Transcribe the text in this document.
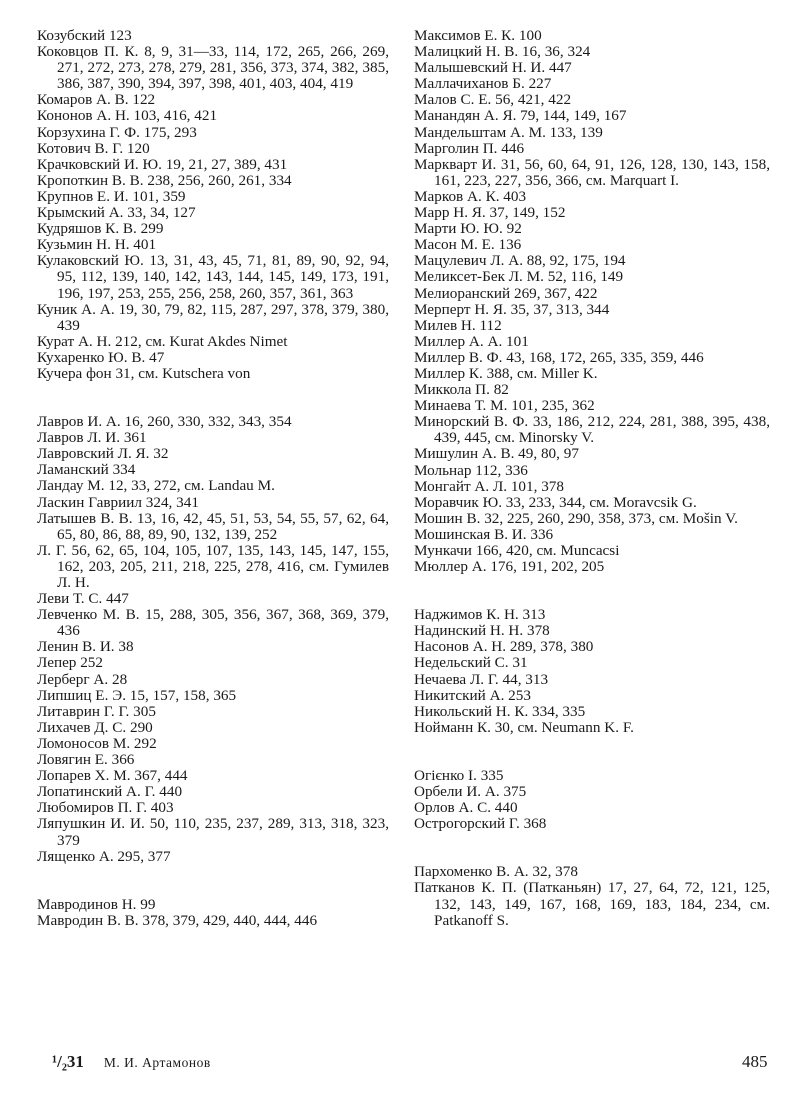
Козубский 123
Коковцов П. К. 8, 9, 31—33, 114, 172, 265, 266, 269, 271, 272, 273, 278, 279, 281, 356, 373, 374, 382, 385, 386, 387, 390, 394, 397, 398, 401, 403, 404, 419
Комаров А. В. 122
Кононов А. Н. 103, 416, 421
Корзухина Г. Ф. 175, 293
Котович В. Г. 120
Крачковский И. Ю. 19, 21, 27, 389, 431
Кропоткин В. В. 238, 256, 260, 261, 334
Крупнов Е. И. 101, 359
Крымский А. 33, 34, 127
Кудряшов К. В. 299
Кузьмин Н. Н. 401
Кулаковский Ю. 13, 31, 43, 45, 71, 81, 89, 90, 92, 94, 95, 112, 139, 140, 142, 143, 144, 145, 149, 173, 191, 196, 197, 253, 255, 256, 258, 260, 357, 361, 363
Куник А. А. 19, 30, 79, 82, 115, 287, 297, 378, 379, 380, 439
Курат А. Н. 212, см. Kurat Akdes Nimet
Кухаренко Ю. В. 47
Кучера фон 31, см. Kutschera von
Лавров И. А. 16, 260, 330, 332, 343, 354
Лавров Л. И. 361
Лавровский Л. Я. 32
Ламанский 334
Ландау М. 12, 33, 272, см. Landau M.
Ласкин Гавриил 324, 341
Латышев В. В. 13, 16, 42, 45, 51, 53, 54, 55, 57, 62, 64, 65, 80, 86, 88, 89, 90, 132, 139, 252
Л. Г. 56, 62, 65, 104, 105, 107, 135, 143, 145, 147, 155, 162, 203, 205, 211, 218, 225, 278, 416, см. Гумилев Л. Н.
Леви Т. С. 447
Левченко М. В. 15, 288, 305, 356, 367, 368, 369, 379, 436
Ленин В. И. 38
Лепер 252
Лерберг А. 28
Липшиц Е. Э. 15, 157, 158, 365
Литаврин Г. Г. 305
Лихачев Д. С. 290
Ломоносов М. 292
Ловягин Е. 366
Лопарев Х. М. 367, 444
Лопатинский А. Г. 440
Любомиров П. Г. 403
Ляпушкин И. И. 50, 110, 235, 237, 289, 313, 318, 323, 379
Лященко А. 295, 377
Мавродинов Н. 99
Мавродин В. В. 378, 379, 429, 440, 444, 446
Максимов Е. К. 100
Малицкий Н. В. 16, 36, 324
Малышевский Н. И. 447
Маллачиханов Б. 227
Малов С. Е. 56, 421, 422
Манандян А. Я. 79, 144, 149, 167
Мандельштам А. М. 133, 139
Марголин П. 446
Маркварт И. 31, 56, 60, 64, 91, 126, 128, 130, 143, 158, 161, 223, 227, 356, 366, см. Marquart I.
Марков А. К. 403
Марр Н. Я. 37, 149, 152
Марти Ю. Ю. 92
Масон М. Е. 136
Мацулевич Л. А. 88, 92, 175, 194
Меликсет-Бек Л. М. 52, 116, 149
Мелиоранский 269, 367, 422
Мерперт Н. Я. 35, 37, 313, 344
Милев Н. 112
Миллер А. А. 101
Миллер В. Ф. 43, 168, 172, 265, 335, 359, 446
Миллер К. 388, см. Miller K.
Миккола П. 82
Минаева Т. М. 101, 235, 362
Минорский В. Ф. 33, 186, 212, 224, 281, 388, 395, 438, 439, 445, см. Minorsky V.
Мишулин А. В. 49, 80, 97
Мольнар 112, 336
Монгайт А. Л. 101, 378
Моравчик Ю. 33, 233, 344, см. Moravcsik G.
Мошин В. 32, 225, 260, 290, 358, 373, см. Mošin V.
Мошинская В. И. 336
Мункачи 166, 420, см. Muncacsi
Мюллер А. 176, 191, 202, 205
Наджимов К. Н. 313
Надинский Н. Н. 378
Насонов А. Н. 289, 378, 380
Недельский С. 31
Нечаева Л. Г. 44, 313
Никитский А. 253
Никольский Н. К. 334, 335
Нойманн К. 30, см. Neumann K. F.
Огiєнко I. 335
Орбели И. А. 375
Орлов А. С. 440
Острогорский Г. 368
Пархоменко В. А. 32, 378
Патканов К. П. (Патканьян) 17, 27, 64, 72, 121, 125, 132, 143, 149, 167, 168, 169, 183, 184, 234, см. Patkanoff S.
¹/₂31 М. И. Артамонов	485
